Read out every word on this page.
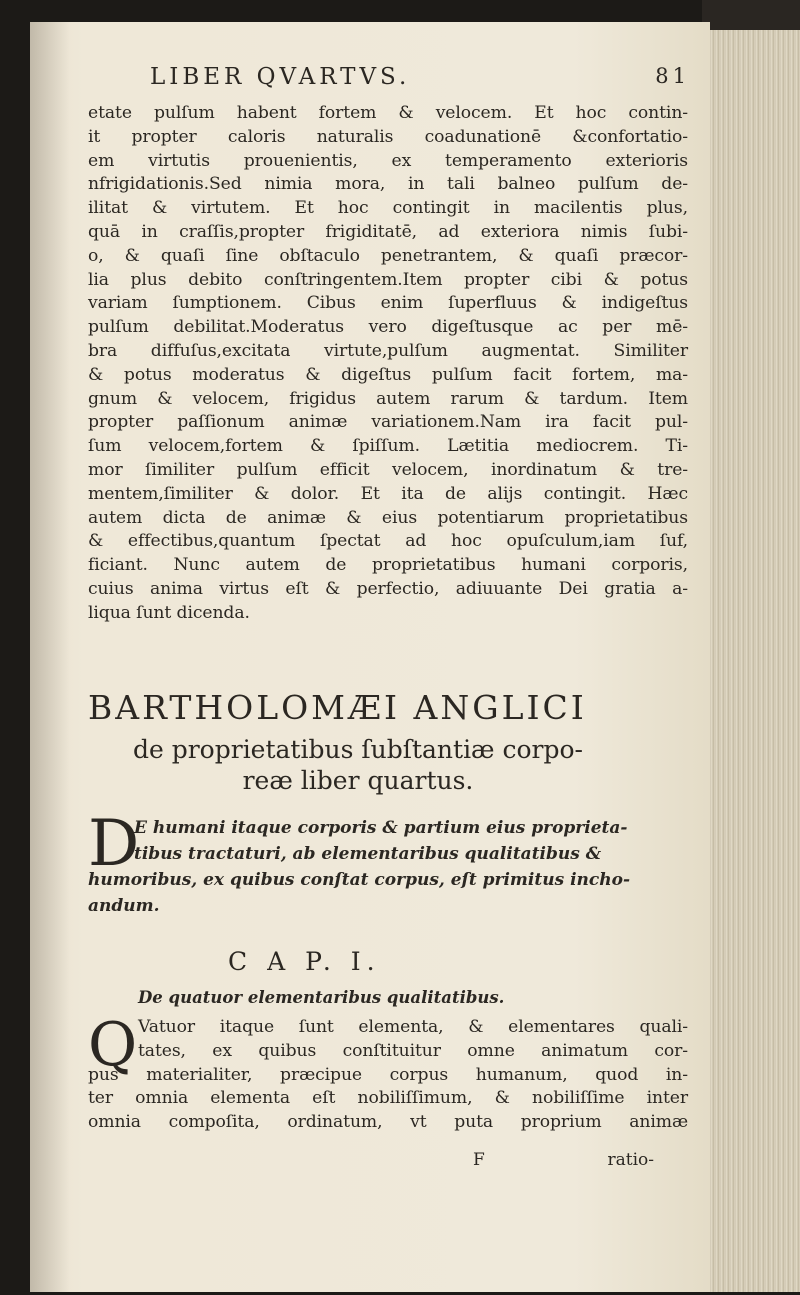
LIBER QVARTVS.	81
etate pulſum habent fortem & velocem. Et hoc contin-
it propter caloris naturalis coadunationē &confortatio-
em virtutis prouenientis, ex temperamento exterioris
nfrigidationis.Sed nimia mora, in tali balneo pulſum de-
ilitat & virtutem. Et hoc contingit in macilentis plus,
quā in craſſis,propter frigiditatē, ad exteriora nimis ſubi-
o, & quaſi ſine obſtaculo penetrantem, & quaſi præcor-
lia plus debito conſtringentem.Item propter cibi & potus
variam ſumptionem. Cibus enim ſuperfluus & indigeſtus
pulſum debilitat.Moderatus vero digeſtusque ac per mē-
bra diffuſus,excitata virtute,pulſum augmentat. Similiter
& potus moderatus & digeſtus pulſum facit fortem, ma-
gnum & velocem, frigidus autem rarum & tardum. Item
propter paſſionum animæ variationem.Nam ira facit pul-
ſum velocem,fortem & ſpiſſum. Lætitia mediocrem. Ti-
mor ſimiliter pulſum efficit velocem, inordinatum & tre-
mentem,ſimiliter & dolor. Et ita de alijs contingit. Hæc
autem dicta de animæ & eius potentiarum proprietatibus
& effectibus,quantum ſpectat ad hoc opuſculum,iam ſuf,
ficiant. Nunc autem de proprietatibus humani corporis,
cuius anima virtus eſt & perfectio, adiuuante Dei gratia a-
liqua ſunt dicenda.
BARTHOLOMÆI ANGLICI
de proprietatibus ſubſtantiæ corpo-
reæ liber quartus.
D
E humani itaque corporis & partium eius proprieta-
tibus tractaturi, ab elementaribus qualitatibus &
humoribus, ex quibus conſtat corpus, eſt primitus incho-
andum.
C A P. I.
De quatuor elementaribus qualitatibus.
Q Vatuor itaque ſunt elementa, & elementares quali-
tates, ex quibus conſtituitur omne animatum cor-
pus materialiter, præcipue corpus humanum, quod in-
ter omnia elementa eſt nobiliſſimum, & nobiliſſime inter
omnia compoſita, ordinatum, vt puta proprium animæ
F	ratio-
